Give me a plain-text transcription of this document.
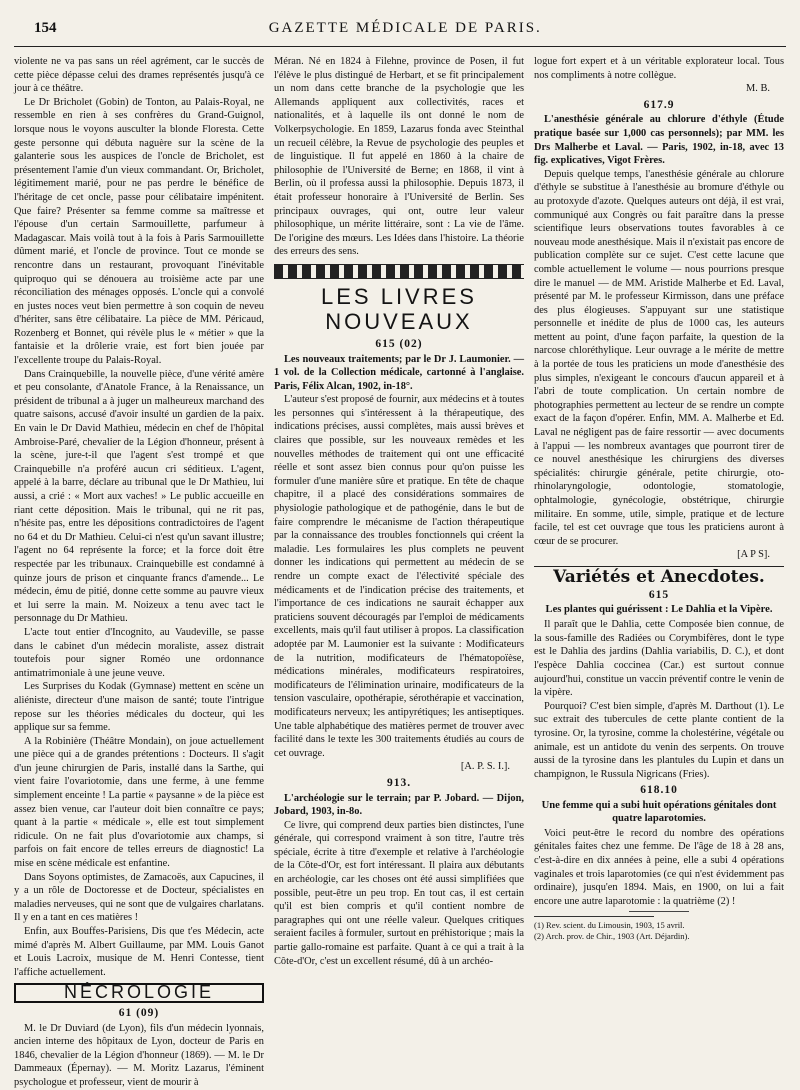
154	GAZETTE MÉDICALE DE PARIS.

violente ne va pas sans un réel agrément, car le succès de cette pièce dépasse celui des drames représentés jusqu'à ce jour à ce théâtre.

Le Dr Bricholet (Gobin) de Tonton, au Palais-Royal, ne ressemble en rien à ses confrères du Grand-Guignol, lorsque nous le voyons ausculter la blonde Floresta. Cette geste personne qui débuta naguère sur la scène de la galanterie sous les auspices de l'oncle de Bricholet, est présentement l'amie d'un vieux commandant. Or, Bricholet, légitimement marié, pour ne pas perdre le bénéfice de l'héritage de cet oncle, passe pour célibataire impénitent. Que faire? Présenter sa femme comme sa maîtresse et l'épouse d'un certain Sarmouillette, parfumeur à Madagascar. Mais voilà tout à la fois à Paris Sarmouillette dûment marié, et l'oncle de province. Tout ce monde se rencontre dans un restaurant, provoquant l'inévitable quiproquo qui se dénouera au troisième acte par une réconciliation des ménages opposés. L'oncle qui a convolé en justes noces veut bien permettre à son coquin de neveu d'hériter, sans être célibataire. La pièce de MM. Péricaud, Rozenberg et Bonnet, qui révèle plus le « métier » que la fantaisie et la drôlerie vraie, est fort bien jouée par l'excellente troupe du Palais-Royal.

Dans Crainquebille, la nouvelle pièce, d'une vérité amère et peu consolante, d'Anatole France, à la Renaissance, un président de tribunal a à juger un malheureux marchand des quatre saisons, accusé d'avoir insulté un gardien de la paix. En vain le Dr David Mathieu, médecin en chef de l'hôpital Ambroise-Paré, chevalier de la Légion d'honneur, présent à la scène, jure-t-il que l'agent s'est trompé et que Crainquebille n'a proféré aucun cri séditieux. L'agent, appelé à la barre, déclare au tribunal que le Dr Mathieu, lui aussi, a crié : « Mort aux vaches! » Le public accueille en riant cette déposition. Mais le tribunal, qui ne rit pas, n'hésite pas, entre les dépositions contradictoires de l'agent no 64 et du Dr Mathieu. Celui-ci n'est qu'un savant illustre; l'agent no 64 représente la force; et la force doit être respectée par les tribunaux. Crainquebille est condamné à quinze jours de prison et cinquante francs d'amende... Le médecin, ému de pitié, donne cette somme au pauvre vieux et lui serre la main. M. Noizeux a tenu avec tact le personnage du Dr Mathieu.

L'acte tout entier d'Incognito, au Vaudeville, se passe dans le cabinet d'un médecin moraliste, assez distrait toutefois pour signer Roméo une ordonnance antimatrimoniale à une jeune veuve.

Les Surprises du Kodak (Gymnase) mettent en scène un aliéniste, directeur d'une maison de santé; toute l'intrigue repose sur les théories médicales du docteur, qui les applique sur sa femme.

A la Robinière (Théâtre Mondain), on joue actuellement une pièce qui a de grandes prétentions : Docteurs. Il s'agit d'un jeune chirurgien de Paris, installé dans la Sarthe, qui vient faire l'ovariotomie, dans une ferme, à une femme simplement enceinte ! La partie « paysanne » de la pièce est assez bien venue, car l'auteur doit bien connaître ce pays; quant à la partie « médicale », elle est tout simplement ridicule. On ne fait plus d'ovariotomie aux champs, si parfois on fait encore de telles erreurs de diagnostic! La mise en scène médicale est enfantine.

Dans Soyons optimistes, de Zamacoës, aux Capucines, il y a un rôle de Doctoresse et de Docteur, spécialistes en maladies nerveuses, qui ne sont que de vulgaires charlatans. Il y en a tant en ces matières !

Enfin, aux Bouffes-Parisiens, Dis que t'es Médecin, acte mimé d'après M. Albert Guillaume, par MM. Louis Ganot et Louis Lacroix, musique de M. Henri Contesse, tient l'affiche actuellement.

NÉCROLOGIE
61 (09)

M. le Dr Duviard (de Lyon), fils d'un médecin lyonnais, ancien interne des hôpitaux de Lyon, docteur de Paris en 1846, chevalier de la Légion d'honneur (1869). — M. le Dr Dammeaux (Épernay). — M. Moritz Lazarus, l'éminent psychologue et professeur, vient de mourir à

Méran. Né en 1824 à Filehne, province de Posen, il fut l'élève le plus distingué de Herbart, et se fit principalement un nom dans cette branche de la psychologie que les Allemands appliquent aux collectivités, races et nationalités, et à laquelle ils ont donné le nom de Volkerpsychologie. En 1859, Lazarus fonda avec Steinthal un recueil célèbre, la Revue de psychologie des peuples et de linguistique. Il fut appelé en 1860 à la chaire de philosophie de l'Université de Berne; en 1868, il vint à Berlin, où il professa aussi la philosophie. Depuis 1873, il était professeur honoraire à l'Université de Berlin. Ses principaux ouvrages, qui ont, outre leur valeur philosophique, un mérite littéraire, sont : La vie de l'âme. De l'origine des mœurs. Les Idées dans l'histoire. La théorie des erreurs des sens.

LES LIVRES NOUVEAUX
615 (02)

Les nouveaux traitements; par le Dr J. Laumonier. — 1 vol. de la Collection médicale, cartonné à l'anglaise. Paris, Félix Alcan, 1902, in-18°.

L'auteur s'est proposé de fournir, aux médecins et à toutes les personnes qui s'intéressent à la thérapeutique, des indications précises, aussi complètes, mais aussi brèves et claires que possible, sur les nouveaux remèdes et les nouvelles méthodes de traitement qui ont une efficacité réelle et sont assez bien connus pour qu'on puisse les formuler d'une manière sûre et pratique. En tête de chaque chapitre, il a placé des considérations sommaires de physiologie pathologique et de pathogénie, dans le but de faire comprendre le mécanisme de l'action thérapeutique par la connaissance des troubles fonctionnels qui créent la maladie. Les formulaires les plus complets ne peuvent donner les indications qui permettent au médecin de se rendre un compte exact de l'électivité spéciale des médicaments et de l'indication précise des traitements, et l'importance de ces indications ne saurait échapper aux praticiens souvent découragés par l'emploi de médicaments excellents, mais qu'il faut utiliser à propos. La classification adoptée par M. Laumonier est la suivante : Modificateurs de la nutrition, modificateurs de l'hématopoïèse, médications minérales, modificateurs respiratoires, modificateurs de l'élimination urinaire, modificateurs de la tension vasculaire, opothérapie, sérothérapie et vaccination, modificateurs nerveux; les antipyrétiques; les antiseptiques. Une table alphabétique des matières permet de trouver avec facilité dans le texte les 300 traitements étudiés au cours de cet ouvrage.

[A. P. S. I.].
913.

L'archéologie sur le terrain; par P. Jobard. — Dijon, Jobard, 1903, in-8o.

Ce livre, qui comprend deux parties bien distinctes, l'une générale, qui correspond vraiment à son titre, l'autre très spéciale, écrite à titre d'exemple et relative à l'archéologie de la Côte-d'Or, est fort intéressant. Il plaira aux débutants en archéologie, car les choses ont été aussi simplifiées que possible, peut-être un peu trop. En tout cas, il est certain qu'il est bien compris et qu'il contient nombre de paragraphes qui ont une réelle valeur. Quelques critiques seraient faciles à formuler, surtout en préhistorique ; mais la partie gallo-romaine est parfaite. Quant à ce qui a trait à la Côte-d'Or, c'est un excellent résumé, dû à un archéo-

logue fort expert et à un véritable explorateur local. Tous nos compliments à notre collègue.

M. B.
617.9

L'anesthésie générale au chlorure d'éthyle (Étude pratique basée sur 1,000 cas personnels); par MM. les Drs Malherbe et Laval. — Paris, 1902, in-18, avec 13 fig. explicatives, Vigot Frères.

Depuis quelque temps, l'anesthésie générale au chlorure d'éthyle se substitue à l'anesthésie au bromure d'éthyle ou au protoxyde d'azote. Quelques auteurs ont déjà, il est vrai, communiqué aux Congrès ou fait paraître dans la presse scientifique leurs observations toutes favorables à ce nouveau mode anesthésique. Mais il n'existait pas encore de publication complète sur ce sujet. C'est cette lacune que comble actuellement le volume — nous pourrions presque dire le manuel — de MM. Aristide Malherbe et Ed. Laval, présenté par M. le professeur Kirmisson, dans une préface des plus élogieuses. S'appuyant sur une statistique personnelle et inédite de plus de 1000 cas, les auteurs mettent au point, d'une façon parfaite, la question de la narcose chloréthylique. Leur ouvrage a le mérite de mettre à la portée de tous les praticiens un mode d'anesthésie des plus simples, n'exigeant le concours d'aucun appareil et à l'abri de toute complication. Un certain nombre de photographies permettent au lecteur de se rendre un compte exact de la façon d'opérer. Enfin, MM. A. Malherbe et Ed. Laval ne négligent pas de faire ressortir — avec documents à l'appui — les nombreux avantages que pourront tirer de ce nouvel anesthésique les chirurgiens des diverses spécialités: chirurgie générale, petite chirurgie, oto-rhinolaryngologie, odontologie, stomatologie, ophtalmologie, gynécologie, obstétrique, chirurgie militaire. En somme, utile, simple, pratique et de lecture facile, tel est cet ouvrage que tous les praticiens auront à cœur de se procurer.

[A P S].
Variétés et Anecdotes.
615
Les plantes qui guérissent : Le Dahlia et la Vipère.

Il paraît que le Dahlia, cette Composée bien connue, de la sous-famille des Radiées ou Corymbifères, dont le type est le Dahlia des jardins (Dahlia variabilis, D. C.), et dont l'espèce Dahlia coccinea (Car.) est surtout connue aujourd'hui, constitue un vaccin préventif contre le venin de la vipère.

Pourquoi? C'est bien simple, d'après M. Darthout (1). Le suc extrait des tubercules de cette plante contient de la tyrosine. Or, la tyrosine, comme la cholestérine, végétale ou animale, est un antidote du venin des serpents. On trouve aussi de la tyrosine dans les plantules du Lupin et dans un champignon, le Russula Nigricans (Fries).

618.10
Une femme qui a subi huit opérations génitales dont quatre laparotomies.

Voici peut-être le record du nombre des opérations génitales faites chez une femme. De l'âge de 18 à 28 ans, c'est-à-dire en dix années à peine, elle a subi 4 opérations vaginales et trois laparotomies (ce qui n'est évidemment pas ordinaire), jusqu'en 1894. Mais, en 1900, on lui a fait encore une autre laparotomie : la quatrième (2) !

(1) Rev. scient. du Limousin, 1903, 15 avril.
(2) Arch. prov. de Chir., 1903 (Art. Déjardin).
